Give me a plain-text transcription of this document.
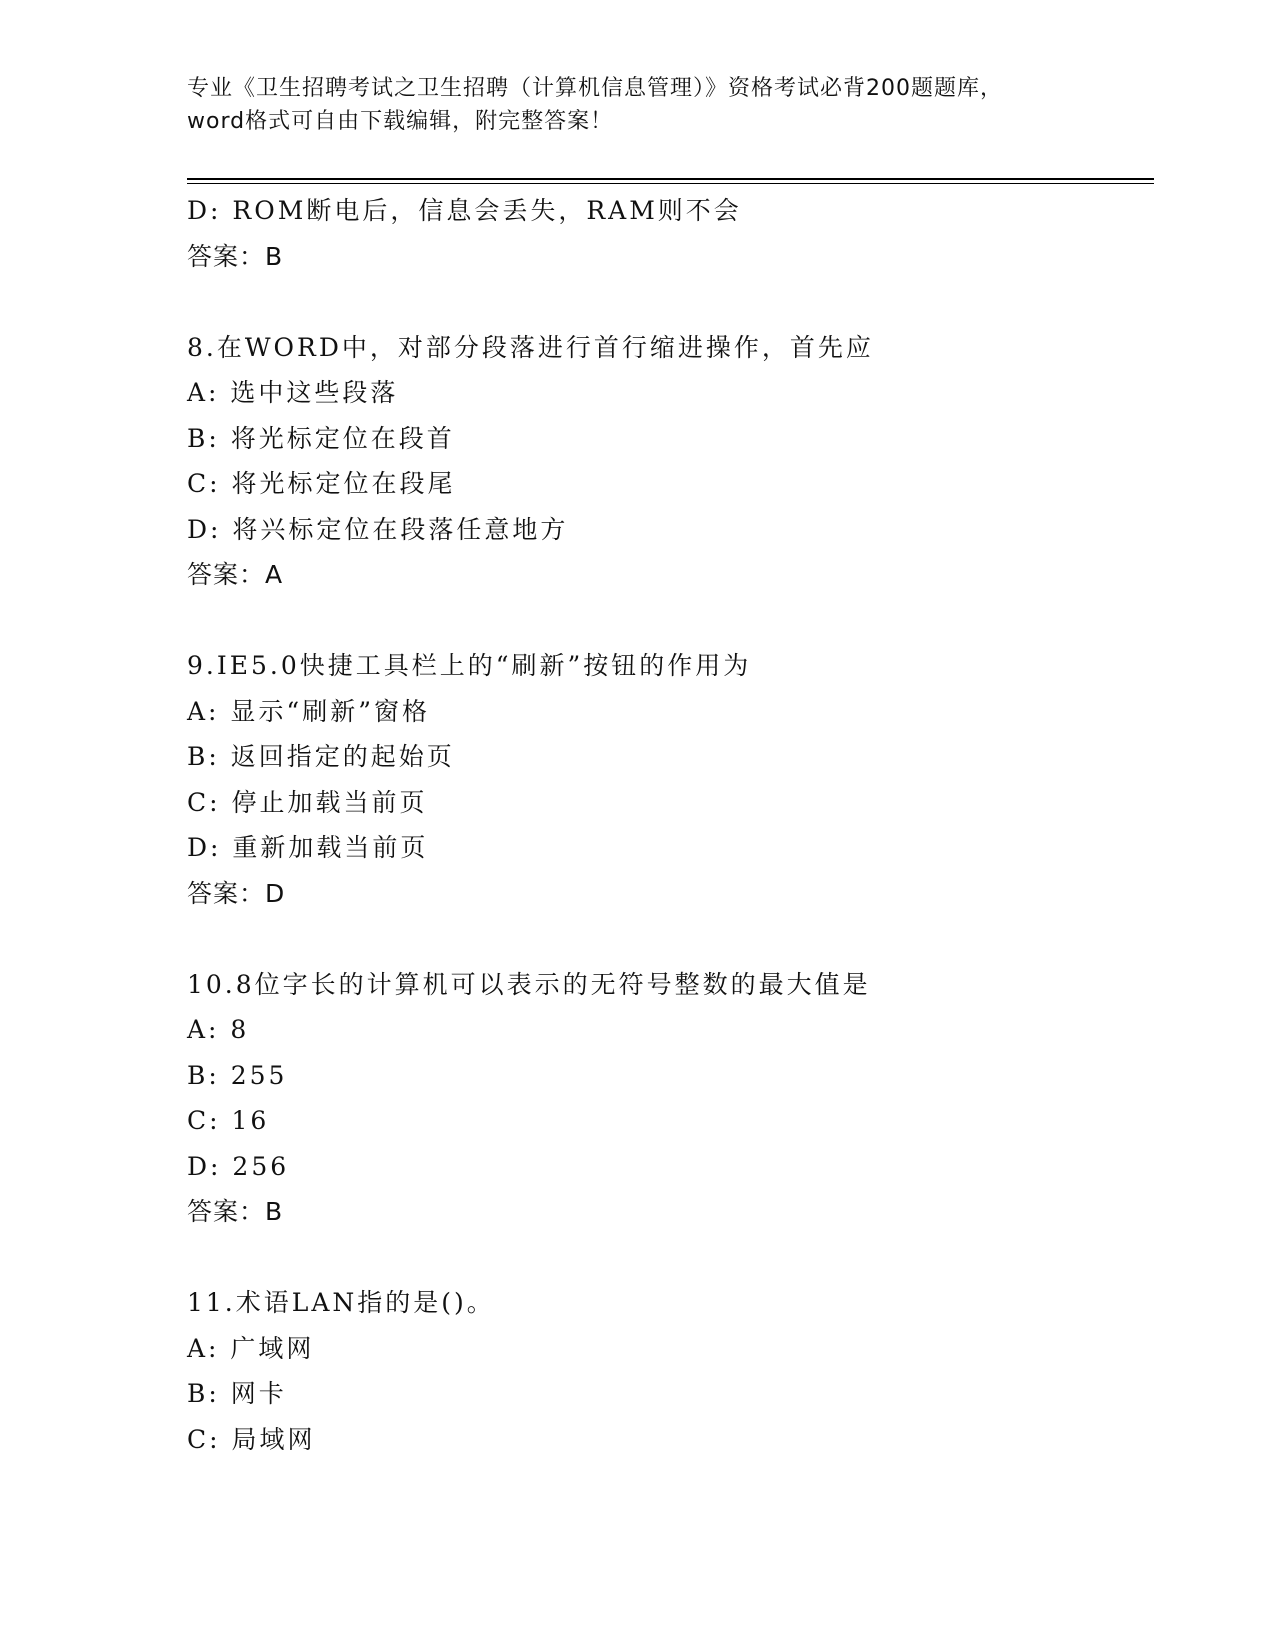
专业《卫生招聘考试之卫生招聘（计算机信息管理）》资格考试必背200题题库，
word格式可自由下载编辑，附完整答案！
D: ROM断电后，信息会丢失，RAM则不会
答案：B
8.在WORD中，对部分段落进行首行缩进操作，首先应
A: 选中这些段落
B: 将光标定位在段首
C: 将光标定位在段尾
D: 将兴标定位在段落任意地方
答案：A
9.IE5.0快捷工具栏上的“刷新”按钮的作用为
A: 显示“刷新”窗格
B: 返回指定的起始页
C: 停止加载当前页
D: 重新加载当前页
答案：D
10.8位字长的计算机可以表示的无符号整数的最大值是
A: 8
B: 255
C: 16
D: 256
答案：B
11.术语LAN指的是()。
A: 广域网
B: 网卡
C: 局域网
